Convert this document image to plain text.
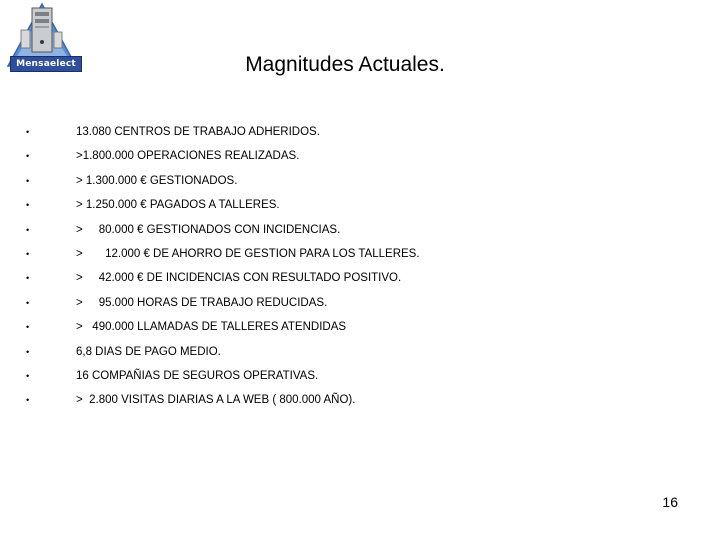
Mensaelect	Magnitudes Actuales.

•

	13.080 CENTROS DE TRABAJO ADHERIDOS.

•

	>1.800.000 OPERACIONES REALIZADAS.

•

	> 1.300.000 € GESTIONADOS.

•

	> 1.250.000 € PAGADOS A TALLERES.

•

	>     80.000 € GESTIONADOS CON INCIDENCIAS.

•

	>       12.000 € DE AHORRO DE GESTION PARA LOS TALLERES.

•

	>     42.000 € DE INCIDENCIAS CON RESULTADO POSITIVO.

•

	>     95.000 HORAS DE TRABAJO REDUCIDAS.

•

	>   490.000 LLAMADAS DE TALLERES ATENDIDAS

•

	6,8 DIAS DE PAGO MEDIO.

•

	16 COMPAÑIAS DE SEGUROS OPERATIVAS.

•

	>  2.800 VISITAS DIARIAS A LA WEB ( 800.000 AÑO).

16
